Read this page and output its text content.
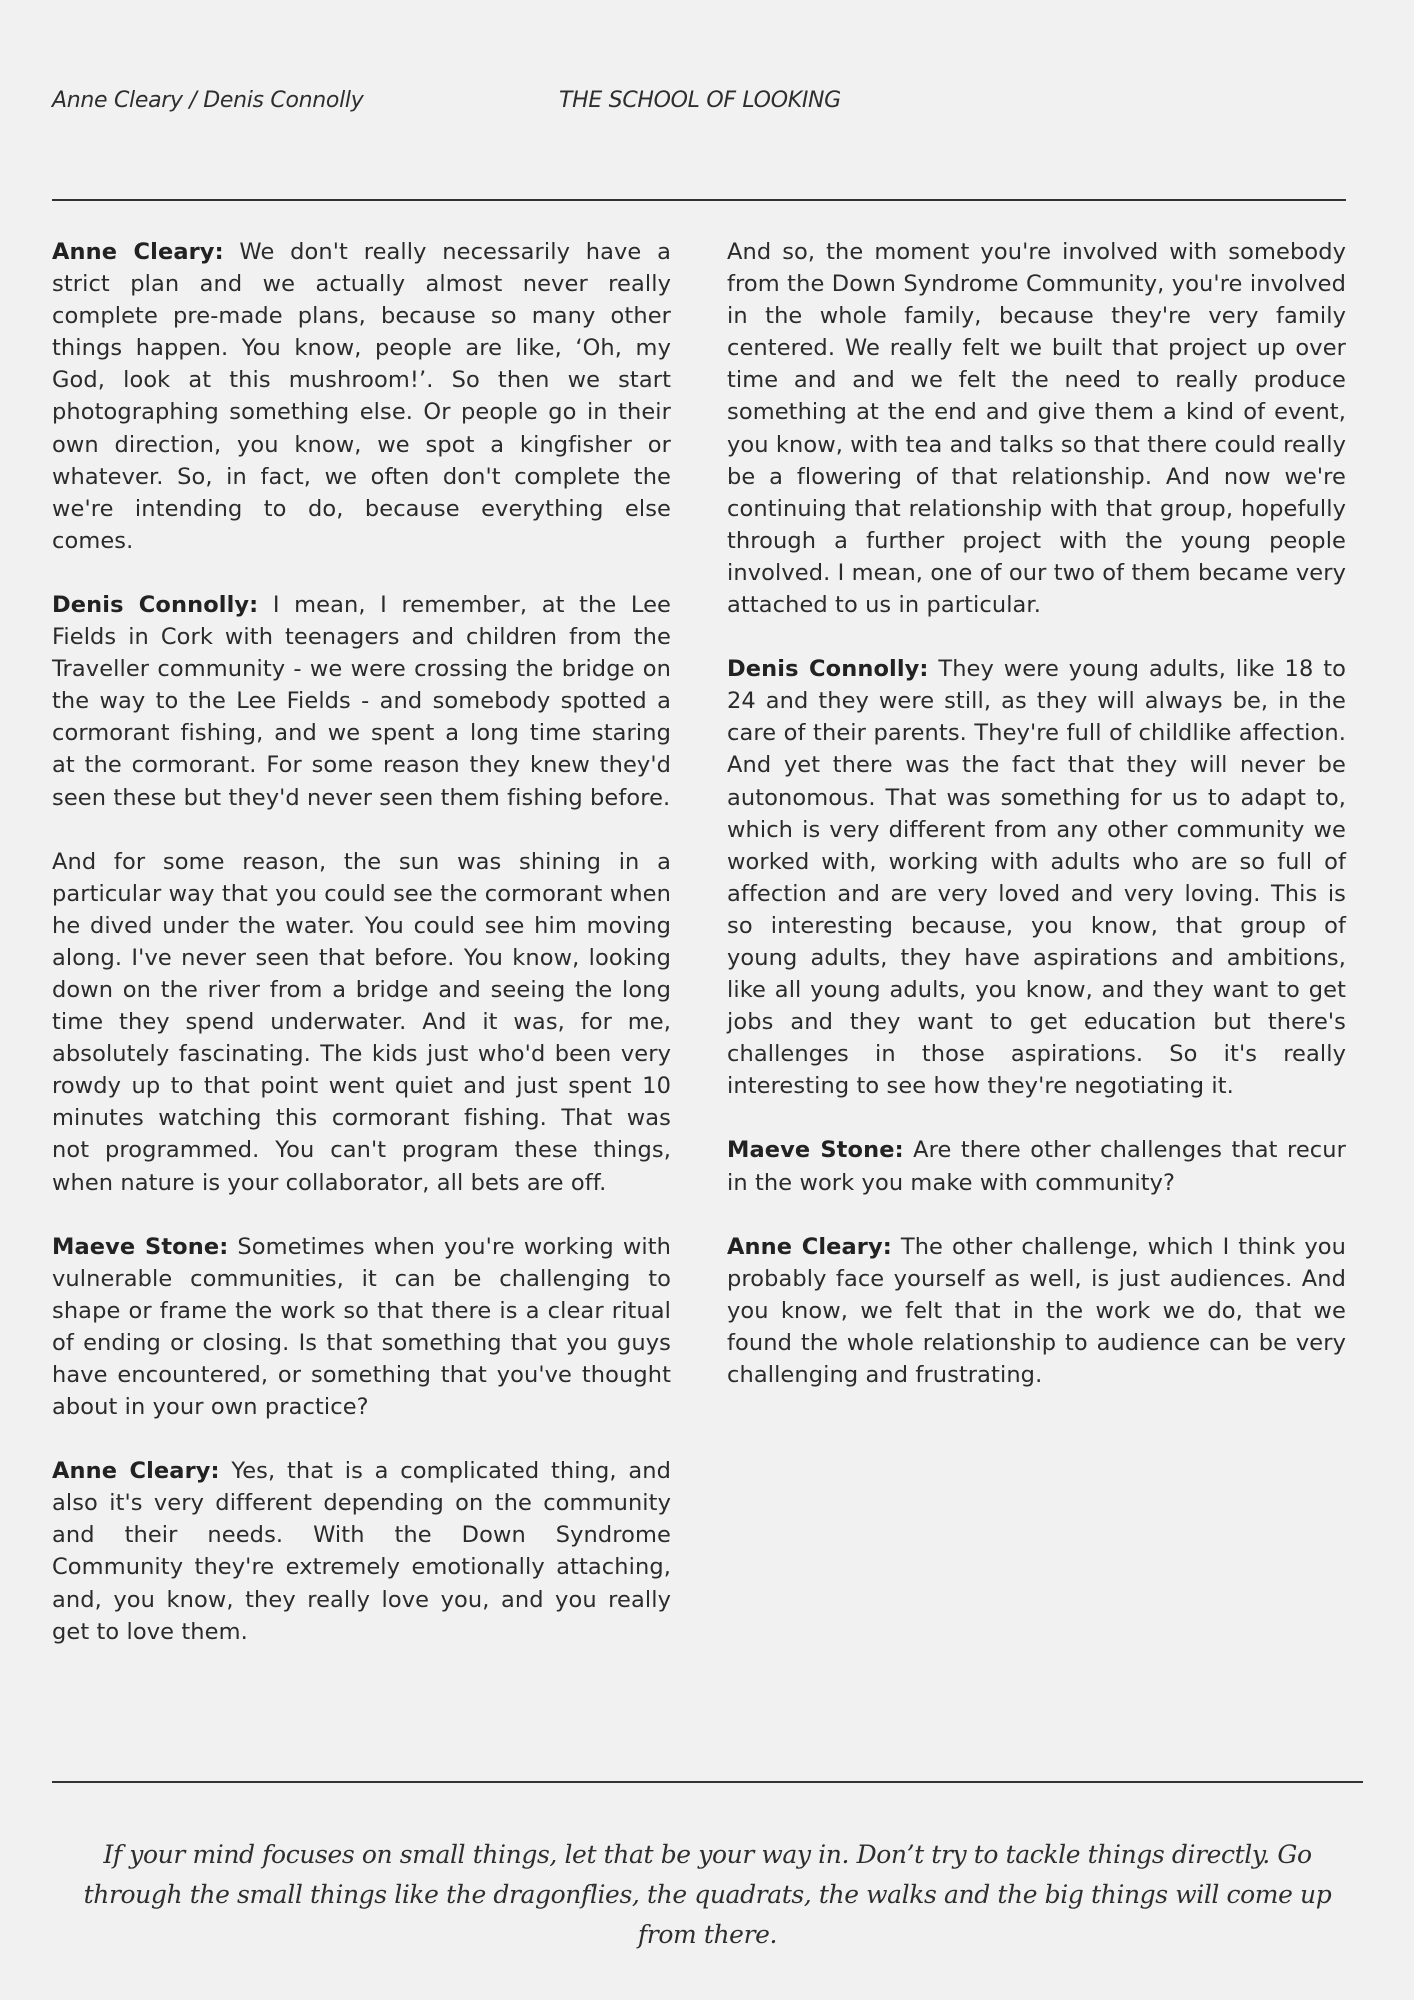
Anne Cleary / Denis Connolly	THE SCHOOL OF LOOKING

Anne Cleary: We don't really necessarily have a strict plan and we actually almost never really complete pre-made plans, because so many other things happen. You know, people are like, ‘Oh, my God, look at this mushroom!’. So then we start photographing something else. Or people go in their own direction, you know, we spot a kingfisher or whatever. So, in fact, we often don't complete the we're intending to do, because everything else comes.

Denis Connolly: I mean, I remember, at the Lee Fields in Cork with teenagers and children from the Traveller community - we were crossing the bridge on the way to the Lee Fields - and somebody spotted a cormorant fishing, and we spent a long time staring at the cormorant. For some reason they knew they'd seen these but they'd never seen them fishing before.

And for some reason, the sun was shining in a particular way that you could see the cormorant when he dived under the water. You could see him moving along. I've never seen that before. You know, looking down on the river from a bridge and seeing the long time they spend underwater. And it was, for me, absolutely fascinating. The kids just who'd been very rowdy up to that point went quiet and just spent 10 minutes watching this cormorant fishing. That was not programmed. You can't program these things, when nature is your collaborator, all bets are off.

Maeve Stone: Sometimes when you're working with vulnerable communities, it can be challenging to shape or frame the work so that there is a clear ritual of ending or closing. Is that something that you guys have encountered, or something that you've thought about in your own practice?

Anne Cleary: Yes, that is a complicated thing, and also it's very different depending on the community and their needs. With the Down Syndrome Community they're extremely emotionally attaching, and, you know, they really love you, and you really get to love them.

And so, the moment you're involved with somebody from the Down Syndrome Community, you're involved in the whole family, because they're very family centered. We really felt we built that project up over time and and we felt the need to really produce something at the end and give them a kind of event, you know, with tea and talks so that there could really be a flowering of that relationship. And now we're continuing that relationship with that group, hopefully through a further project with the young people involved. I mean, one of our two of them became very attached to us in particular.

Denis Connolly: They were young adults, like 18 to 24 and they were still, as they will always be, in the care of their parents. They're full of childlike affection. And yet there was the fact that they will never be autonomous. That was something for us to adapt to, which is very different from any other community we worked with, working with adults who are so full of affection and are very loved and very loving. This is so interesting because, you know, that group of young adults, they have aspirations and ambitions, like all young adults, you know, and they want to get jobs and they want to get education but there's challenges in those aspirations. So it's really interesting to see how they're negotiating it.

Maeve Stone: Are there other challenges that recur in the work you make with community?

Anne Cleary: The other challenge, which I think you probably face yourself as well, is just audiences. And you know, we felt that in the work we do, that we found the whole relationship to audience can be very challenging and frustrating.

If your mind focuses on small things, let that be your way in. Don’t try to tackle things directly. Go through the small things like the dragonflies, the quadrats, the walks and the big things will come up from there.
